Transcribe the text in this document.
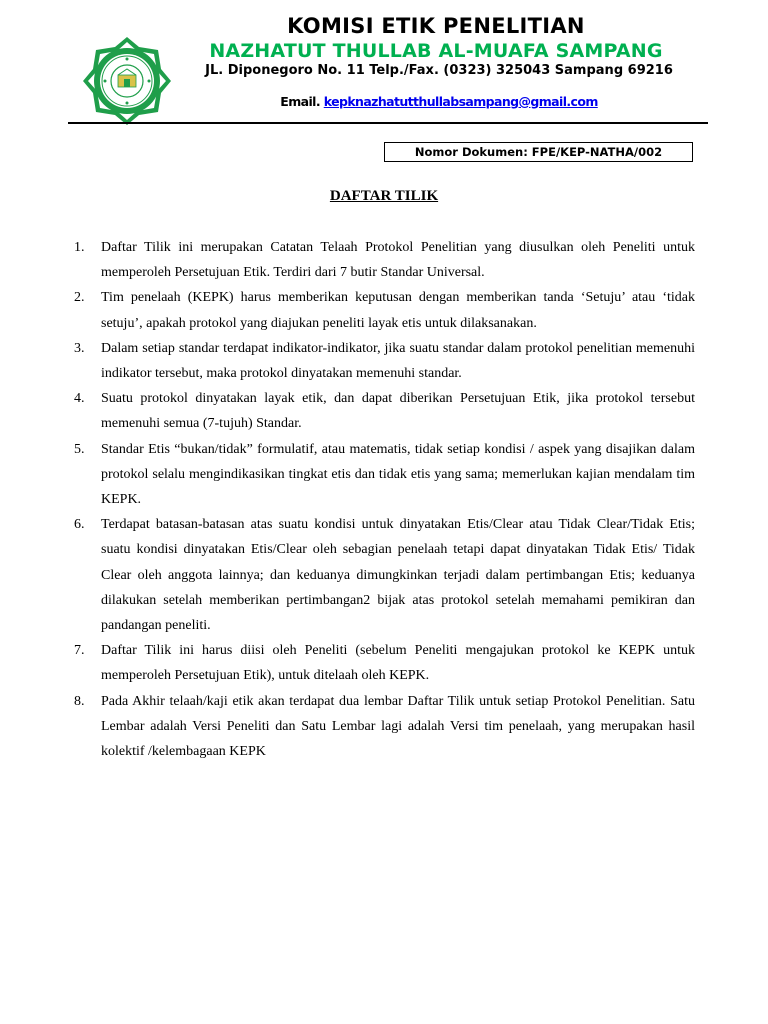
KOMISI ETIK PENELITIAN
NAZHATUT THULLAB AL-MUAFA SAMPANG
JL. Diponegoro No. 11 Telp./Fax. (0323) 325043 Sampang 69216
Email. kepknazhatutthullabsampang@gmail.com
Nomor Dokumen: FPE/KEP-NATHA/002
DAFTAR TILIK
1. Daftar Tilik ini merupakan Catatan Telaah Protokol Penelitian yang diusulkan oleh Peneliti untuk memperoleh Persetujuan Etik. Terdiri dari 7 butir Standar Universal.
2. Tim penelaah (KEPK) harus memberikan keputusan dengan memberikan tanda ‘Setuju’ atau ‘tidak setuju’, apakah protokol yang diajukan peneliti layak etis untuk dilaksanakan.
3. Dalam setiap standar terdapat indikator-indikator, jika suatu standar dalam protokol penelitian memenuhi indikator tersebut, maka protokol dinyatakan memenuhi standar.
4. Suatu protokol dinyatakan layak etik, dan dapat diberikan Persetujuan Etik, jika protokol tersebut memenuhi semua (7-tujuh) Standar.
5. Standar Etis “bukan/tidak” formulatif, atau matematis, tidak setiap kondisi / aspek yang disajikan dalam protokol selalu mengindikasikan tingkat etis dan tidak etis yang sama; memerlukan kajian mendalam tim KEPK.
6. Terdapat batasan-batasan atas suatu kondisi untuk dinyatakan Etis/Clear atau Tidak Clear/Tidak Etis; suatu kondisi dinyatakan Etis/Clear oleh sebagian penelaah tetapi dapat dinyatakan Tidak Etis/ Tidak Clear oleh anggota lainnya; dan keduanya dimungkinkan terjadi dalam pertimbangan Etis; keduanya dilakukan setelah memberikan pertimbangan2 bijak atas protokol setelah memahami pemikiran dan pandangan peneliti.
7. Daftar Tilik ini harus diisi oleh Peneliti (sebelum Peneliti mengajukan protokol ke KEPK untuk memperoleh Persetujuan Etik), untuk ditelaah oleh KEPK.
8. Pada Akhir telaah/kaji etik akan terdapat dua lembar Daftar Tilik untuk setiap Protokol Penelitian. Satu Lembar adalah Versi Peneliti dan Satu Lembar lagi adalah Versi tim penelaah, yang merupakan hasil kolektif /kelembagaan KEPK
